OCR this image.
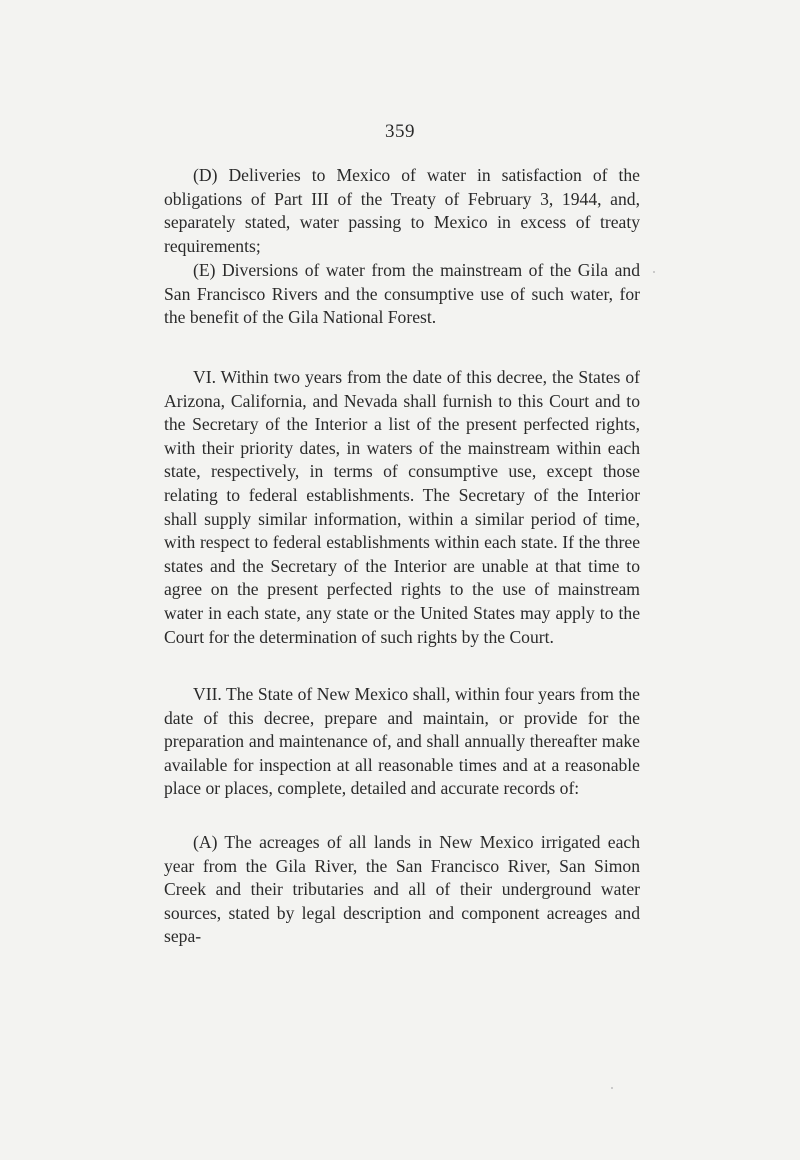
359

(D) Deliveries to Mexico of water in satisfaction of the obligations of Part III of the Treaty of February 3, 1944, and, separately stated, water passing to Mexico in excess of treaty requirements;

(E) Diversions of water from the mainstream of the Gila and San Francisco Rivers and the consumptive use of such water, for the benefit of the Gila National Forest.

VI. Within two years from the date of this decree, the States of Arizona, California, and Nevada shall furnish to this Court and to the Secretary of the Interior a list of the present perfected rights, with their priority dates, in waters of the mainstream within each state, respectively, in terms of consumptive use, except those relating to federal establishments. The Secretary of the Interior shall supply similar information, within a similar period of time, with respect to federal establishments within each state. If the three states and the Secretary of the Interior are unable at that time to agree on the present perfected rights to the use of mainstream water in each state, any state or the United States may apply to the Court for the determination of such rights by the Court.

VII. The State of New Mexico shall, within four years from the date of this decree, prepare and maintain, or provide for the preparation and maintenance of, and shall annually thereafter make available for inspection at all reasonable times and at a reasonable place or places, complete, detailed and accurate records of:

(A) The acreages of all lands in New Mexico irrigated each year from the Gila River, the San Francisco River, San Simon Creek and their tributaries and all of their underground water sources, stated by legal description and component acreages and sepa-
